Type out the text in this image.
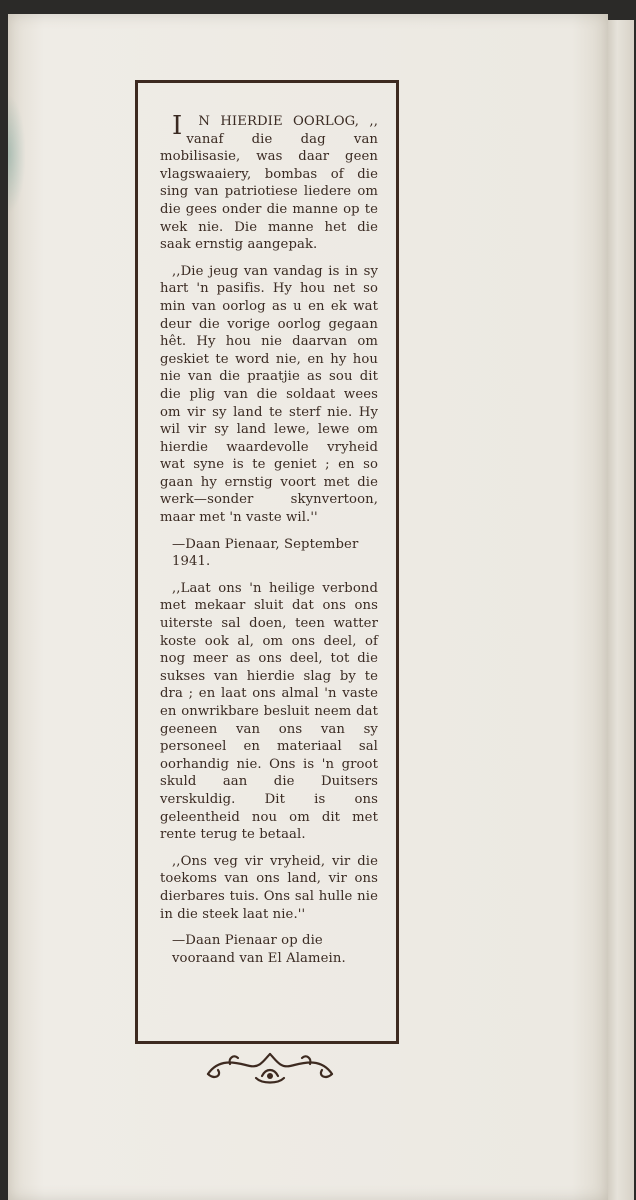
I N HIERDIE OORLOG, ,, vanaf die dag van mobilisasie, was daar geen vlagswaaiery, bombas of die sing van patriotiese liedere om die gees onder die manne op te wek nie. Die manne het die saak ernstig aangepak.

,,Die jeug van vandag is in sy hart 'n pasifis. Hy hou net so min van oorlog as u en ek wat deur die vorige oorlog gegaan hêt. Hy hou nie daarvan om geskiet te word nie, en hy hou nie van die praatjie as sou dit die plig van die soldaat wees om vir sy land te sterf nie. Hy wil vir sy land lewe, lewe om hierdie waardevolle vryheid wat syne is te geniet ; en so gaan hy ernstig voort met die werk—sonder skynvertoon, maar met 'n vaste wil.''

—Daan Pienaar, September 1941.

,,Laat ons 'n heilige verbond met mekaar sluit dat ons ons uiterste sal doen, teen watter koste ook al, om ons deel, of nog meer as ons deel, tot die sukses van hierdie slag by te dra ; en laat ons almal 'n vaste en onwrikbare besluit neem dat geeneen van ons van sy personeel en materiaal sal oorhandig nie. Ons is 'n groot skuld aan die Duitsers verskuldig. Dit is ons geleentheid nou om dit met rente terug te betaal.

,,Ons veg vir vryheid, vir die toekoms van ons land, vir ons dierbares tuis. Ons sal hulle nie in die steek laat nie.''

—Daan Pienaar op die vooraand van El Alamein.
